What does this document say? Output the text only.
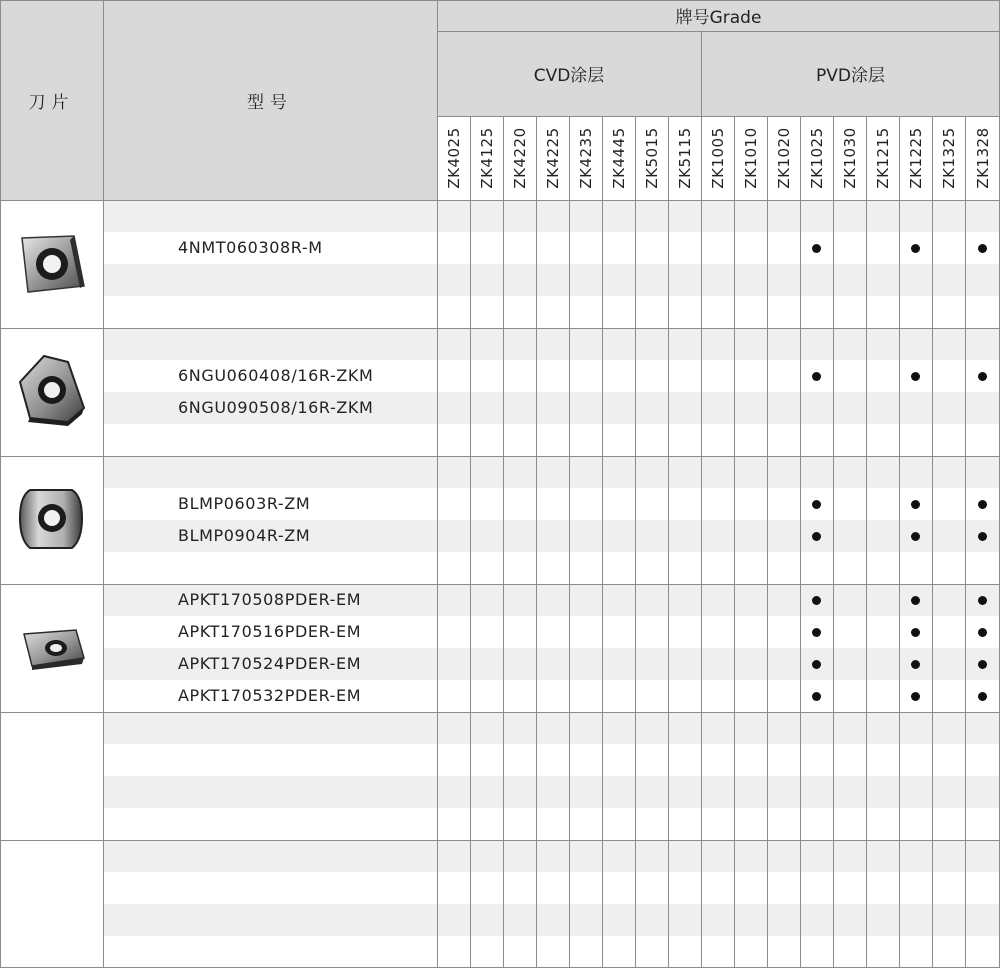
刀片	型号
牌号Grade
CVD涂层	PVD涂层
ZK4025 ZK4125 ZK4220 ZK4225 ZK4235 ZK4445 ZK5015 ZK5115 ZK1005 ZK1010 ZK1020 ZK1025 ZK1030 ZK1215 ZK1225 ZK1325 ZK1328
4NMT060308R-M
6NGU060408/16R-ZKM
6NGU090508/16R-ZKM
BLMP0603R-ZM
BLMP0904R-ZM
APKT170508PDER-EM
APKT170516PDER-EM
APKT170524PDER-EM
APKT170532PDER-EM
